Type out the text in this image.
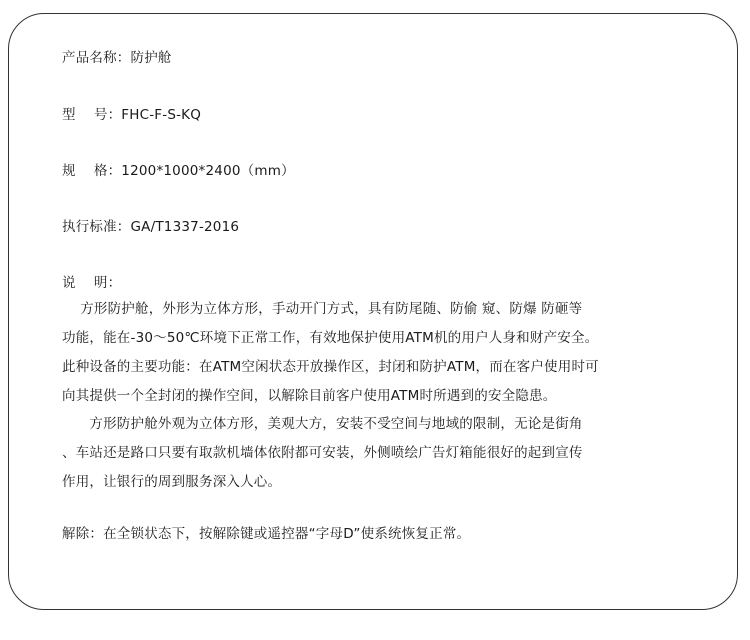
产品名称：防护舱
型　 号：FHC-F-S-KQ
规　 格：1200*1000*2400（mm）
执行标准：GA/T1337-2016
说　 明：
　 方形防护舱，外形为立体方形，手动开门方式，具有防尾随、防偷 窥、防爆 防砸等
功能，能在-30～50℃环境下正常工作，有效地保护使用ATM机的用户人身和财产安全。
此种设备的主要功能：在ATM空闲状态开放操作区，封闭和防护ATM，而在客户使用时可
向其提供一个全封闭的操作空间，以解除目前客户使用ATM时所遇到的安全隐患。
　　方形防护舱外观为立体方形，美观大方，安装不受空间与地域的限制，无论是街角
、车站还是路口只要有取款机墙体依附都可安装，外侧喷绘广告灯箱能很好的起到宣传
作用，让银行的周到服务深入人心。
解除：在全锁状态下，按解除键或遥控器“字母D”使系统恢复正常。
